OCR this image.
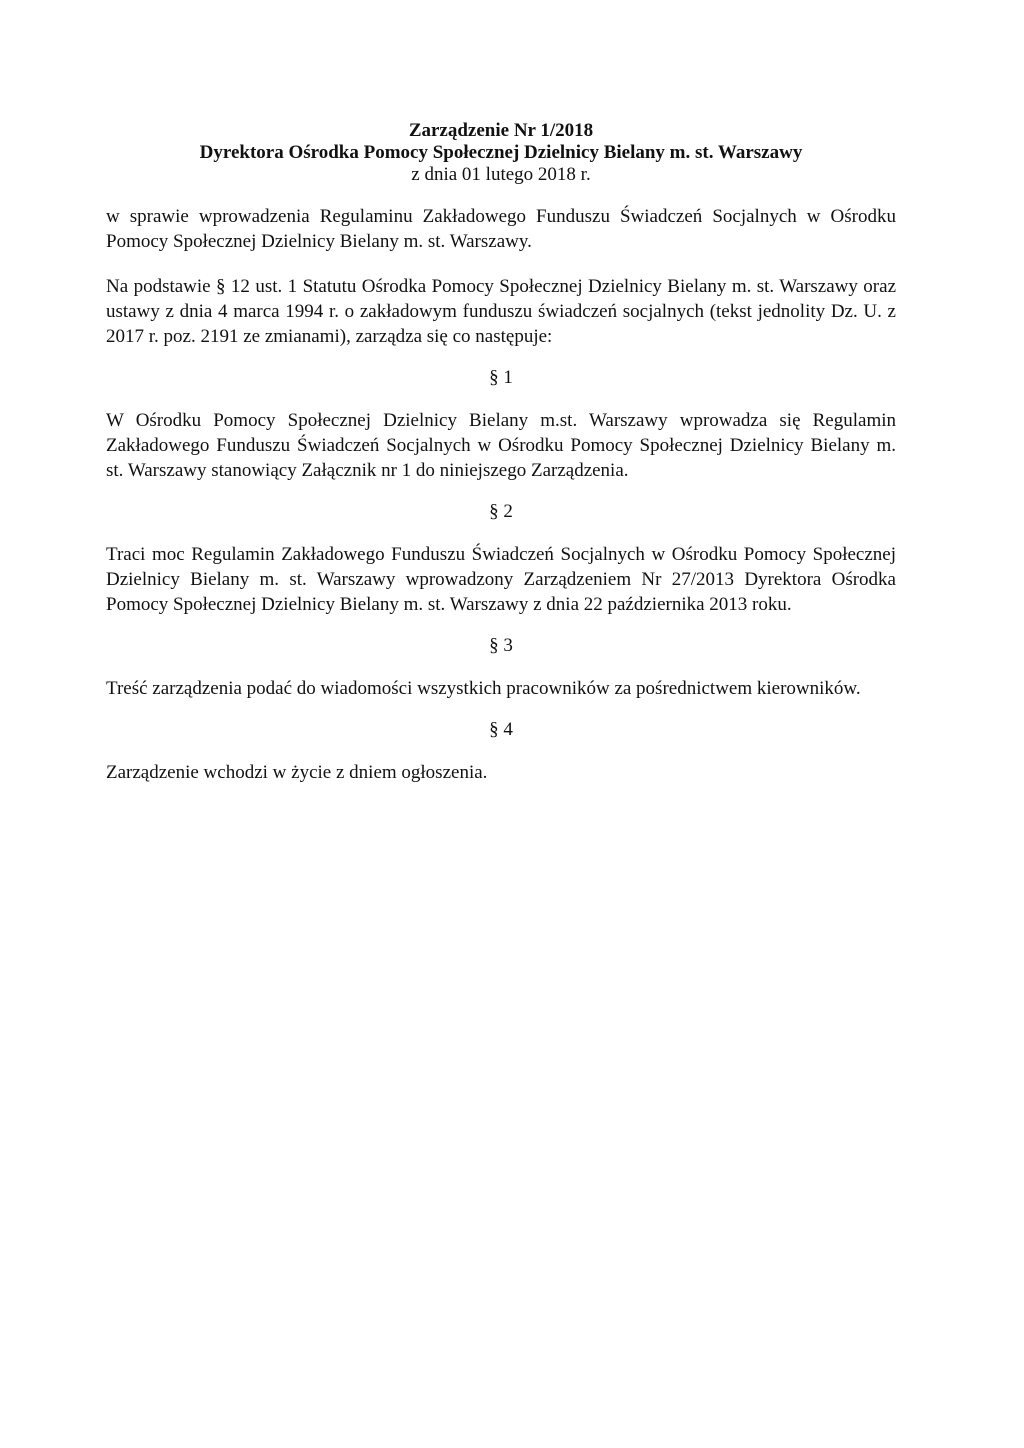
Zarządzenie Nr 1/2018
Dyrektora Ośrodka Pomocy Społecznej Dzielnicy Bielany m. st. Warszawy
z dnia 01 lutego 2018 r.

w sprawie wprowadzenia Regulaminu Zakładowego Funduszu Świadczeń Socjalnych w Ośrodku Pomocy Społecznej Dzielnicy Bielany m. st. Warszawy.

Na podstawie § 12 ust. 1 Statutu Ośrodka Pomocy Społecznej Dzielnicy Bielany m. st. Warszawy oraz ustawy z dnia 4 marca 1994 r. o zakładowym funduszu świadczeń socjalnych (tekst jednolity Dz. U. z 2017 r. poz. 2191 ze zmianami), zarządza się co następuje:

§ 1

W Ośrodku Pomocy Społecznej Dzielnicy Bielany m.st. Warszawy wprowadza się Regulamin Zakładowego Funduszu Świadczeń Socjalnych w Ośrodku Pomocy Społecznej Dzielnicy Bielany m. st. Warszawy stanowiący Załącznik nr 1 do niniejszego Zarządzenia.

§ 2

Traci moc Regulamin Zakładowego Funduszu Świadczeń Socjalnych w Ośrodku Pomocy Społecznej Dzielnicy Bielany m. st. Warszawy wprowadzony Zarządzeniem Nr 27/2013 Dyrektora Ośrodka Pomocy Społecznej Dzielnicy Bielany m. st. Warszawy z dnia 22 października 2013 roku.

§ 3

Treść zarządzenia podać do wiadomości wszystkich pracowników za pośrednictwem kierowników.

§ 4

Zarządzenie wchodzi w życie z dniem ogłoszenia.
